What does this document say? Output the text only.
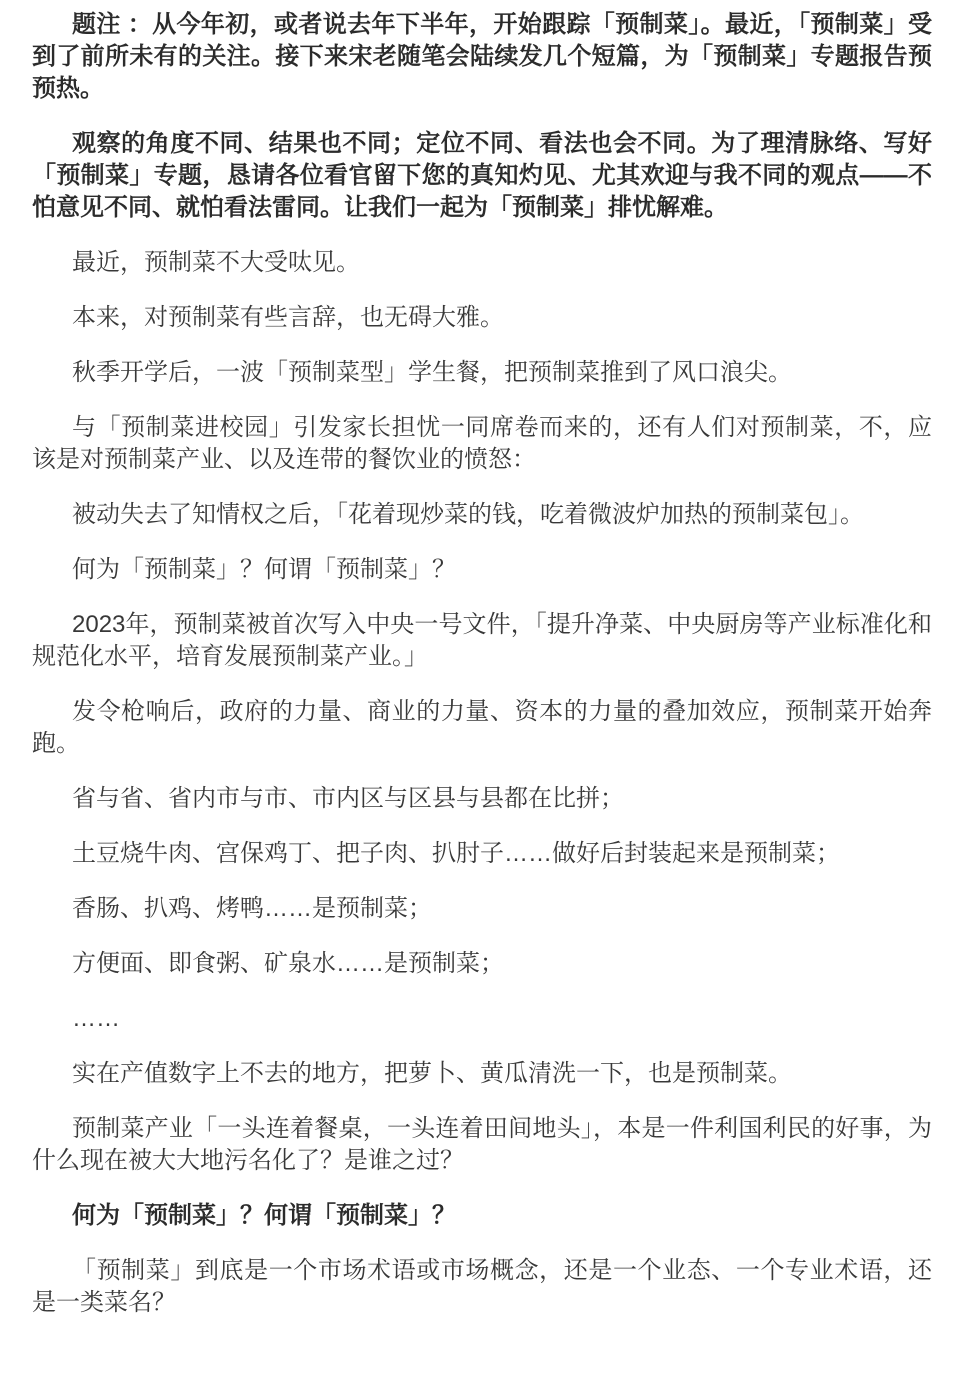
题注 ：从今年初，或者说去年下半年，开始跟踪「预制菜」。最近，「预制菜」受到了前所未有的关注。接下来宋老随笔会陆续发几个短篇，为「预制菜」专题报告预预热。

观察的角度不同、结果也不同；定位不同、看法也会不同。为了理清脉络、写好「预制菜」专题，恳请各位看官留下您的真知灼见、尤其欢迎与我不同的观点——不怕意见不同、就怕看法雷同。让我们一起为「预制菜」排忧解难。

最近，预制菜不大受呔见。

本来，对预制菜有些言辞，也无碍大雅。

秋季开学后，一波「预制菜型」学生餐，把预制菜推到了风口浪尖。

与「预制菜进校园」引发家长担忧一同席卷而来的，还有人们对预制菜，不，应该是对预制菜产业、以及连带的餐饮业的愤怒：

被动失去了知情权之后，「花着现炒菜的钱，吃着微波炉加热的预制菜包」。

何为「预制菜」？何谓「预制菜」？

2023年，预制菜被首次写入中央一号文件，「提升净菜、中央厨房等产业标准化和规范化水平，培育发展预制菜产业。」

发令枪响后，政府的力量、商业的力量、资本的力量的叠加效应，预制菜开始奔跑。

省与省、省内市与市、市内区与区县与县都在比拼；

土豆烧牛肉、宫保鸡丁、把子肉、扒肘子……做好后封装起来是预制菜；

香肠、扒鸡、烤鸭……是预制菜；

方便面、即食粥、矿泉水……是预制菜；

……

实在产值数字上不去的地方，把萝卜、黄瓜清洗一下，也是预制菜。

预制菜产业「一头连着餐桌，一头连着田间地头」，本是一件利国利民的好事，为什么现在被大大地污名化了？是谁之过？

何为「预制菜」？何谓「预制菜」？

「预制菜」到底是一个市场术语或市场概念，还是一个业态、一个专业术语，还是一类菜名？
